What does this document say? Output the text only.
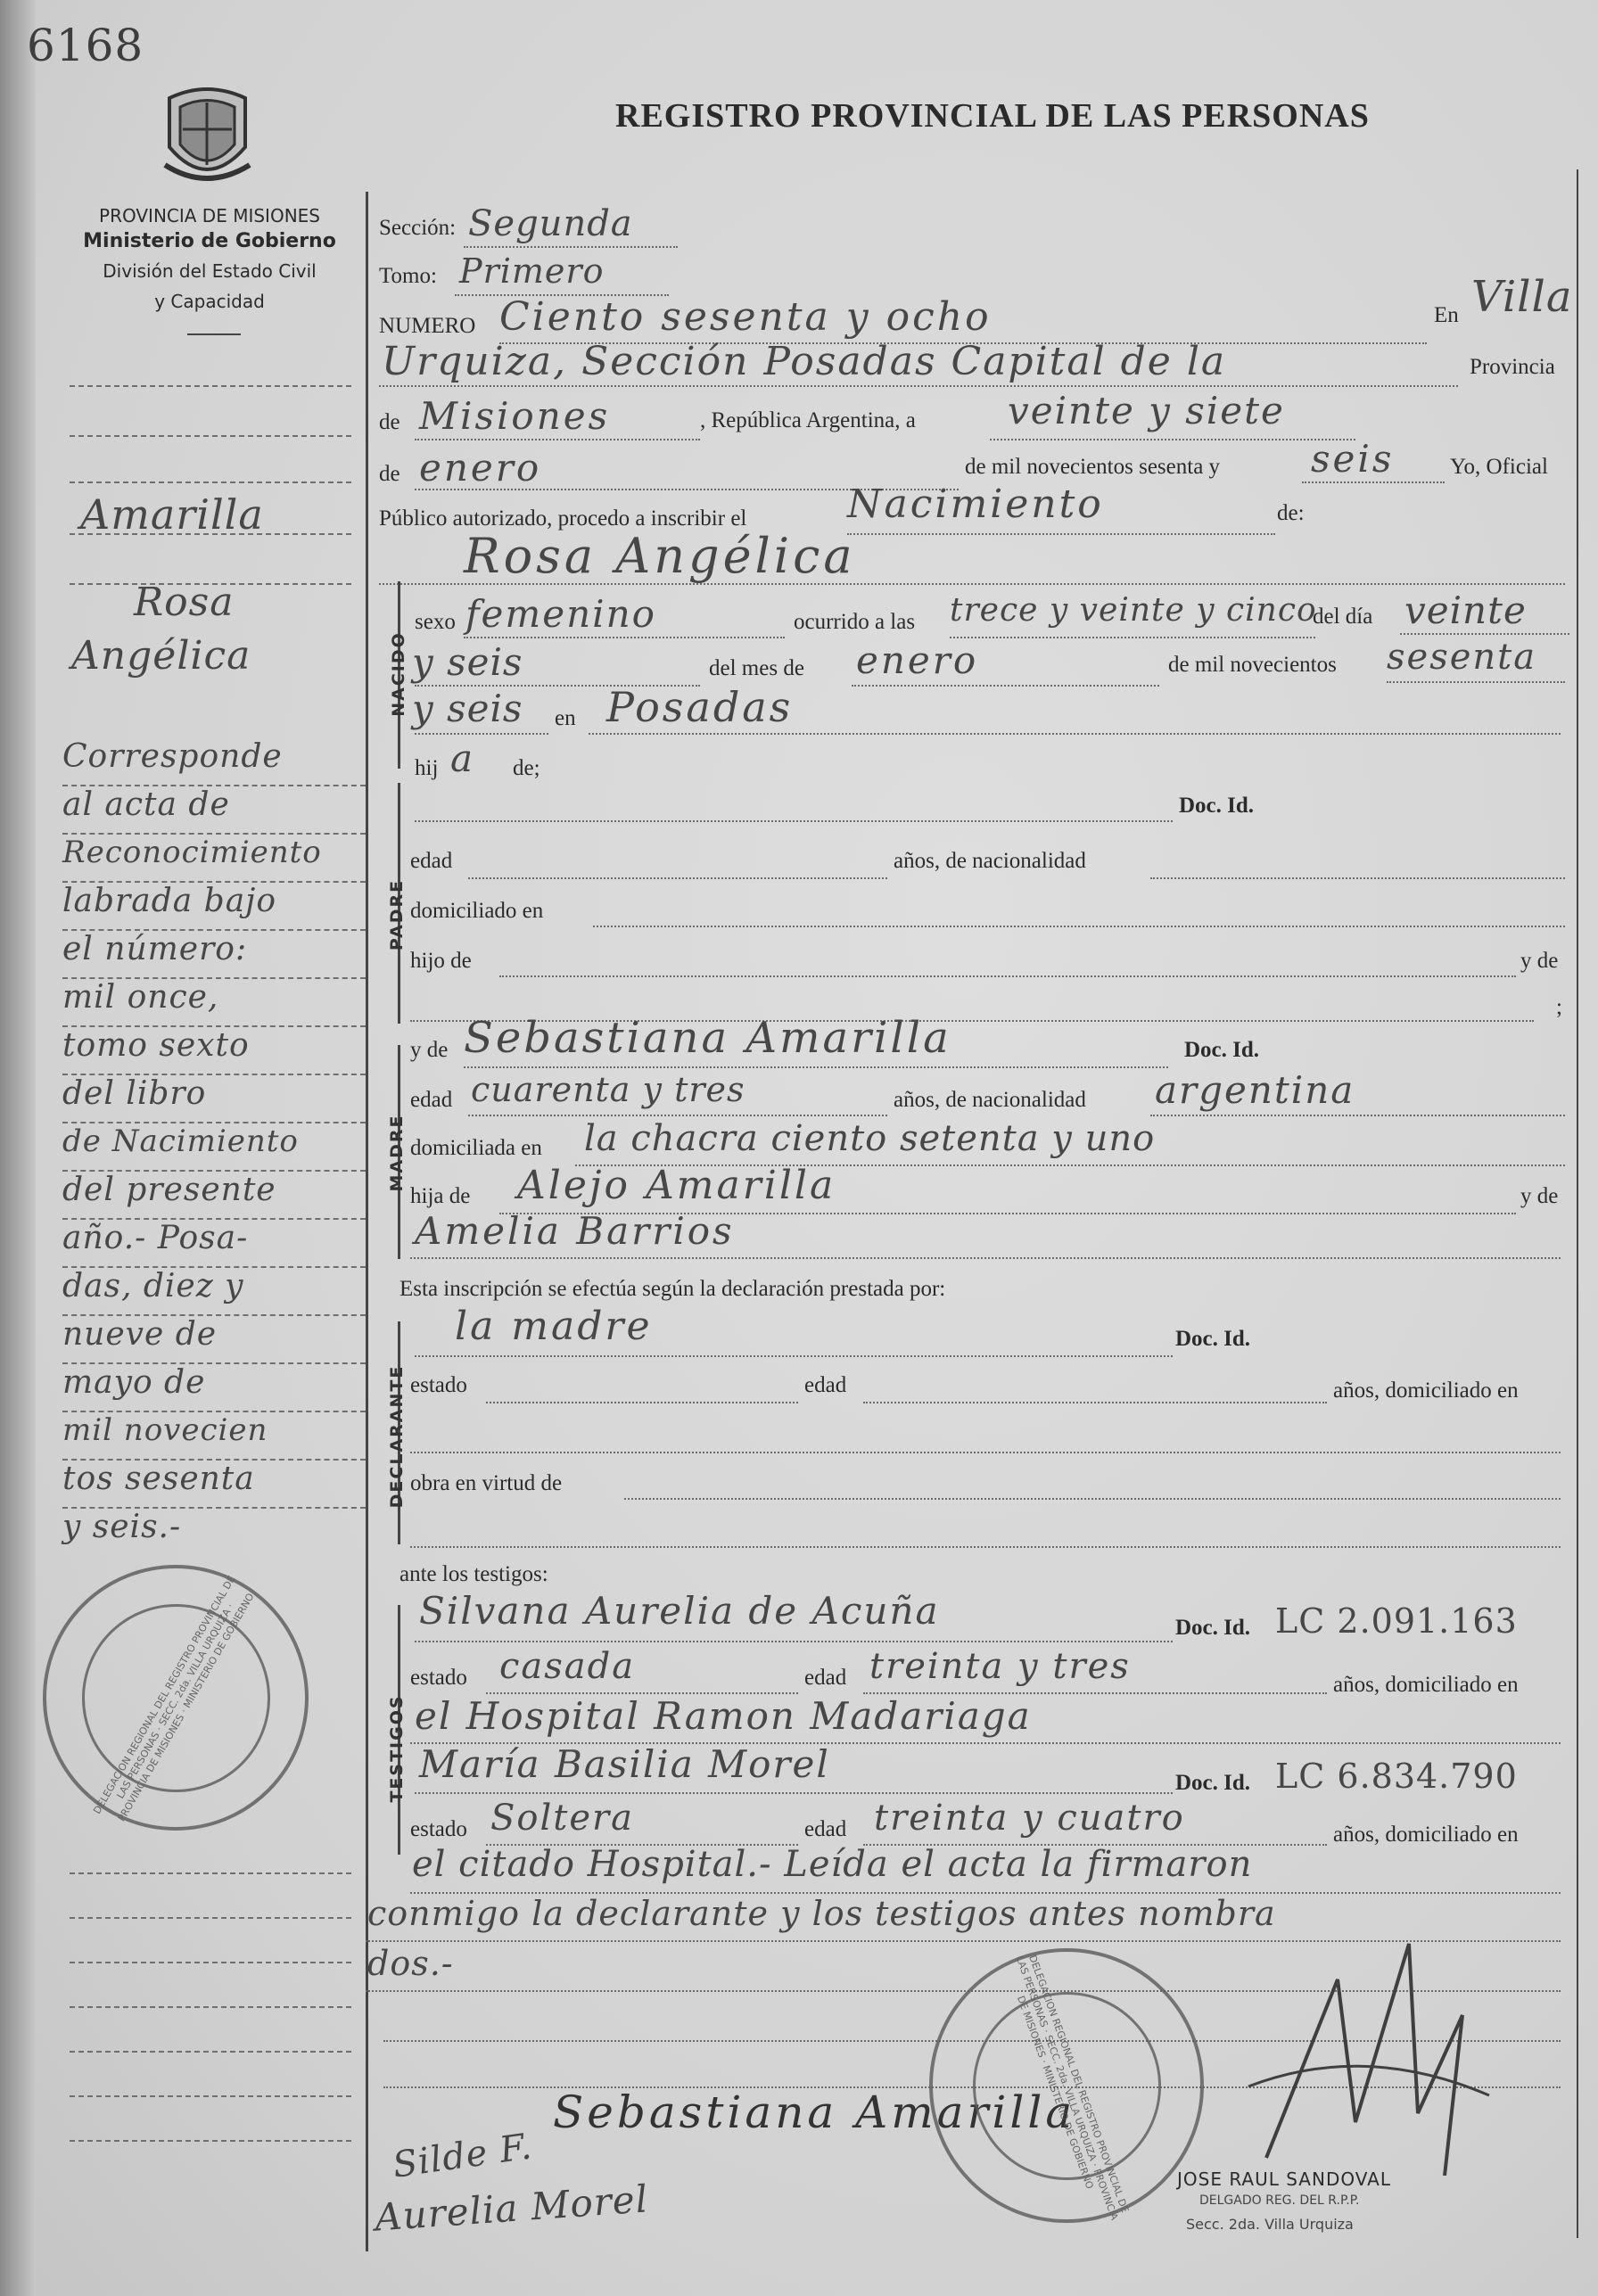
6168
PROVINCIA DE MISIONES
Ministerio de Gobierno
División del Estado Civil
y Capacidad
REGISTRO PROVINCIAL DE LAS PERSONAS
Amarilla
Rosa
Angélica
Corresponde
al acta de
Reconocimiento
labrada bajo
el número:
mil once,
tomo sexto
del libro
de Nacimiento
del presente
año.- Posa-
das, diez y
nueve de
mayo de
mil novecien
tos sesenta
y seis.-
Sección: Segunda
Tomo: Primero
NUMERO Ciento sesenta y ocho	En Villa
Urquiza, Sección Posadas Capital de la	Provincia
de Misiones	, República Argentina, a veinte y siete
de enero	de mil novecientos sesenta y seis	Yo, Oficial
Público autorizado, procedo a inscribir el	Nacimiento	de:
Rosa Angélica
NACIDO
sexo femenino	ocurrido a las trece y veinte y cinco
del día veinte
y seis	del mes de enero	de mil novecientos sesenta
y seis en Posadas
hij a de;
PADRE
Doc. Id.
edad	años, de nacionalidad
domiciliado en
hijo de	y de
;
MADRE
y de Sebastiana Amarilla	Doc. Id.
edad cuarenta y tres	años, de nacionalidad argentina
domiciliada en la chacra ciento setenta y uno
hija de Alejo Amarilla	y de
Amelia Barrios
Esta inscripción se efectúa según la declaración prestada por:
DECLARANTE
la madre	Doc. Id.
estado	edad	años, domiciliado en
obra en virtud de
ante los testigos:
TESTIGOS
Silvana Aurelia de Acuña	Doc. Id. LC 2.091.163
estado casada	edad treinta y tres	años, domiciliado en
el Hospital Ramon Madariaga
María Basilia Morel	Doc. Id. LC 6.834.790
estado Soltera	edad treinta y cuatro	años, domiciliado en
el citado Hospital.- Leída el acta la firmaron
conmigo la declarante y los testigos antes nombra
dos.-
Sebastiana Amarilla
Silde F.
Aurelia Morel	JOSE RAUL SANDOVAL
DELGADO REG. DEL R.P.P.
Secc. 2da. Villa Urquiza
DELEGACION REGIONAL DEL REGISTRO PROVINCIAL DE LAS PERSONAS · SECC. 2da. VILLA URQUIZA · PROVINCIA DE MISIONES · MINISTERIO DE GOBIERNO
DELEGACION REGIONAL DEL REGISTRO PROVINCIAL DE LAS PERSONAS · SECC. 2da. VILLA URQUIZA · PROVINCIA DE MISIONES · MINISTERIO DE GOBIERNO
